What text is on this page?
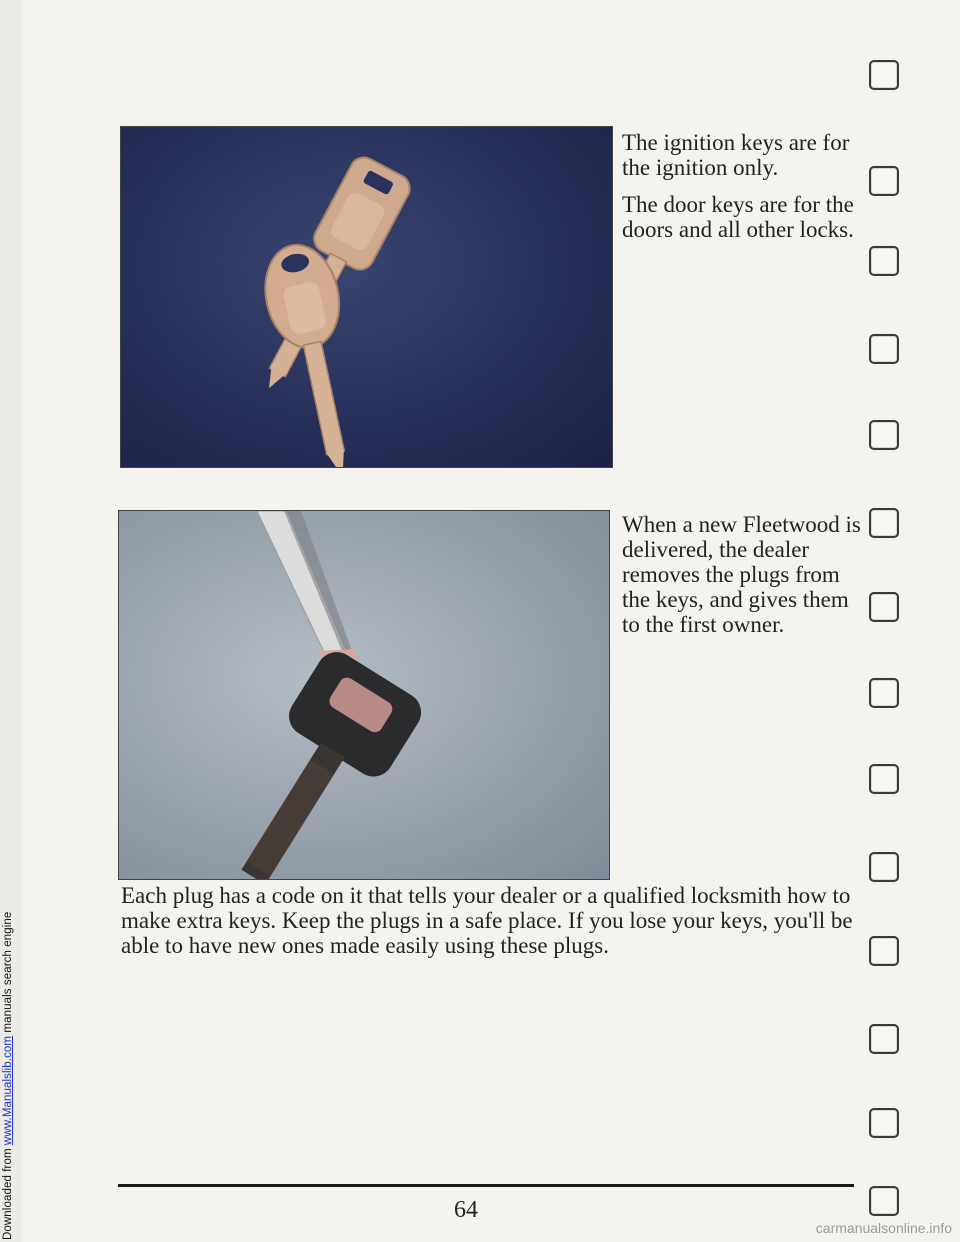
Downloaded from www.Manualslib.com manuals search engine

The ignition keys are for the ignition only.

The door keys are for the doors and all other locks.

When a new Fleetwood is delivered, the dealer removes the plugs from the keys, and gives them to the first owner.

Each plug has a code on it that tells your dealer or a qualified locksmith how to make extra keys. Keep the plugs in a safe place. If you lose your keys, you'll be able to have new ones made easily using these plugs.
64
carmanualsonline.info
